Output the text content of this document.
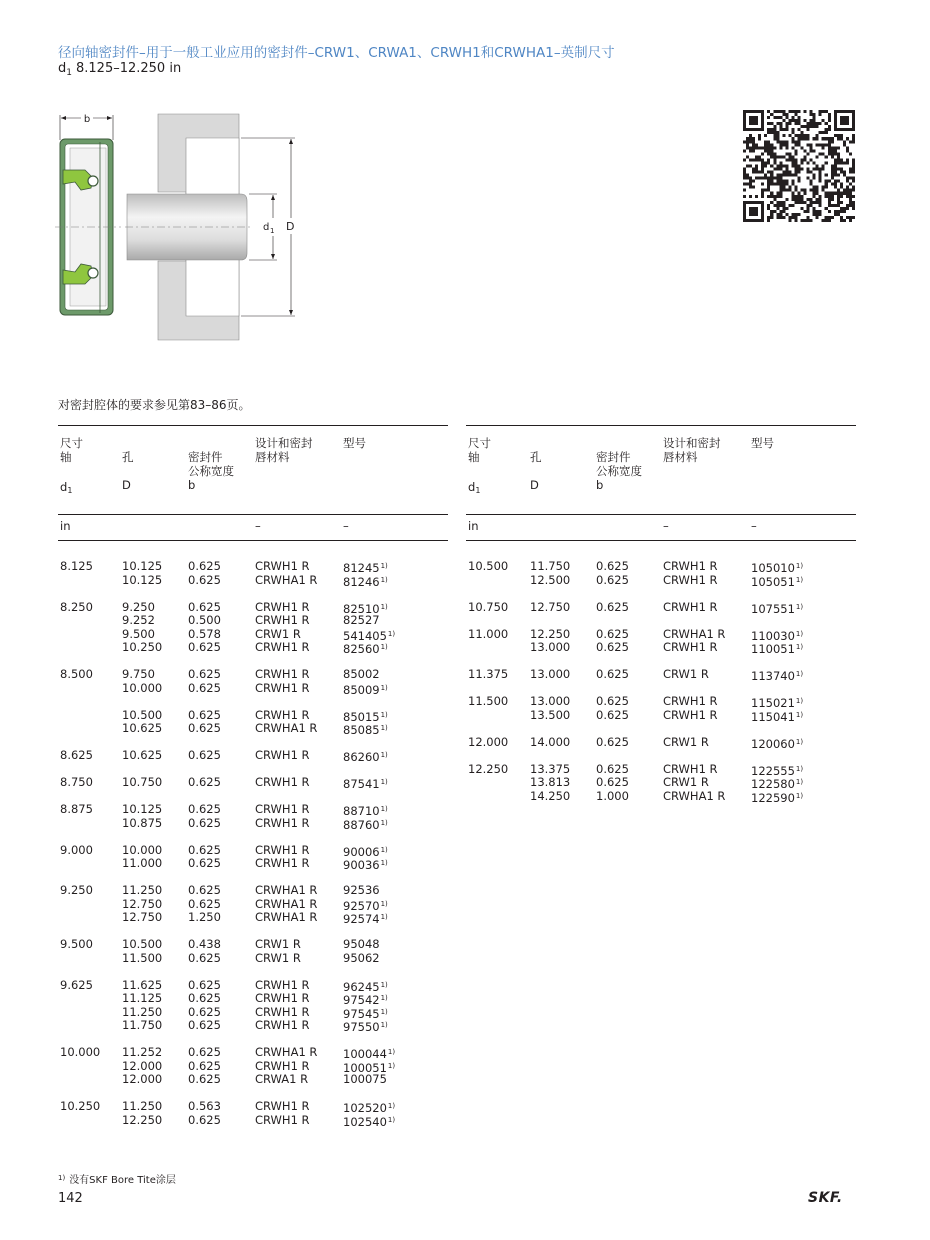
径向轴密封件–用于一般工业应用的密封件–CRW1、CRWA1、CRWH1和CRWHA1–英制尺寸
$d_1$ 8.125–12.250 in
b
d 1 D
对密封腔体的要求参见第83–86页。
尺寸
轴	孔	密封件
公称宽度
设计和密封
唇材料
型号
$d_1$	D	b
in	–	–
8.125	10.125 0.625	CRWH1 R	81245$^{1)}$
10.125 0.625	CRWHA1 R 81246$^{1)}$
8.250	9.250	0.625	CRWH1 R	82510$^{1)}$
9.252	0.500	CRWH1 R	82527
9.500	0.578	CRW1 R	541405$^{1)}$
10.250 0.625	CRWH1 R	82560$^{1)}$
8.500	9.750	0.625	CRWH1 R	85002
10.000 0.625	CRWH1 R	85009$^{1)}$
10.500 0.625	CRWH1 R	85015$^{1)}$
10.625 0.625	CRWHA1 R 85085$^{1)}$
8.625	10.625 0.625	CRWH1 R	86260$^{1)}$
8.750	10.750 0.625	CRWH1 R	87541$^{1)}$
8.875	10.125 0.625	CRWH1 R	88710$^{1)}$
10.875 0.625	CRWH1 R	88760$^{1)}$
9.000	10.000 0.625	CRWH1 R	90006$^{1)}$
11.000 0.625	CRWH1 R	90036$^{1)}$
9.250	11.250 0.625	CRWHA1 R 92536
12.750 0.625	CRWHA1 R 92570$^{1)}$
12.750 1.250	CRWHA1 R 92574$^{1)}$
9.500	10.500 0.438	CRW1 R	95048
11.500 0.625	CRW1 R	95062
9.625	11.625 0.625	CRWH1 R	96245$^{1)}$
11.125 0.625	CRWH1 R	97542$^{1)}$
11.250 0.625	CRWH1 R	97545$^{1)}$
11.750 0.625	CRWH1 R	97550$^{1)}$
10.000 11.252 0.625	CRWHA1 R 100044$^{1)}$
12.000 0.625	CRWH1 R	100051$^{1)}$
12.000 0.625	CRWA1 R	100075
10.250 11.250 0.563	CRWH1 R	102520$^{1)}$
12.250 0.625	CRWH1 R	102540$^{1)}$
尺寸
轴	孔	密封件
公称宽度
设计和密封
唇材料
型号
$d_1$	D	b
in	–	–
10.500 11.750 0.625	CRWH1 R	105010$^{1)}$
12.500 0.625	CRWH1 R	105051$^{1)}$
10.750 12.750 0.625	CRWH1 R	107551$^{1)}$
11.000 12.250 0.625	CRWHA1 R 110030$^{1)}$
13.000 0.625	CRWH1 R	110051$^{1)}$
11.375 13.000 0.625	CRW1 R	113740$^{1)}$
11.500 13.000 0.625	CRWH1 R	115021$^{1)}$
13.500 0.625	CRWH1 R	115041$^{1)}$
12.000 14.000 0.625	CRW1 R	120060$^{1)}$
12.250 13.375 0.625	CRWH1 R	122555$^{1)}$
13.813 0.625	CRW1 R	122580$^{1)}$
14.250 1.000	CRWHA1 R 122590$^{1)}$
$^{1)}$ 没有SKF Bore Tite涂层
142	SKF.
